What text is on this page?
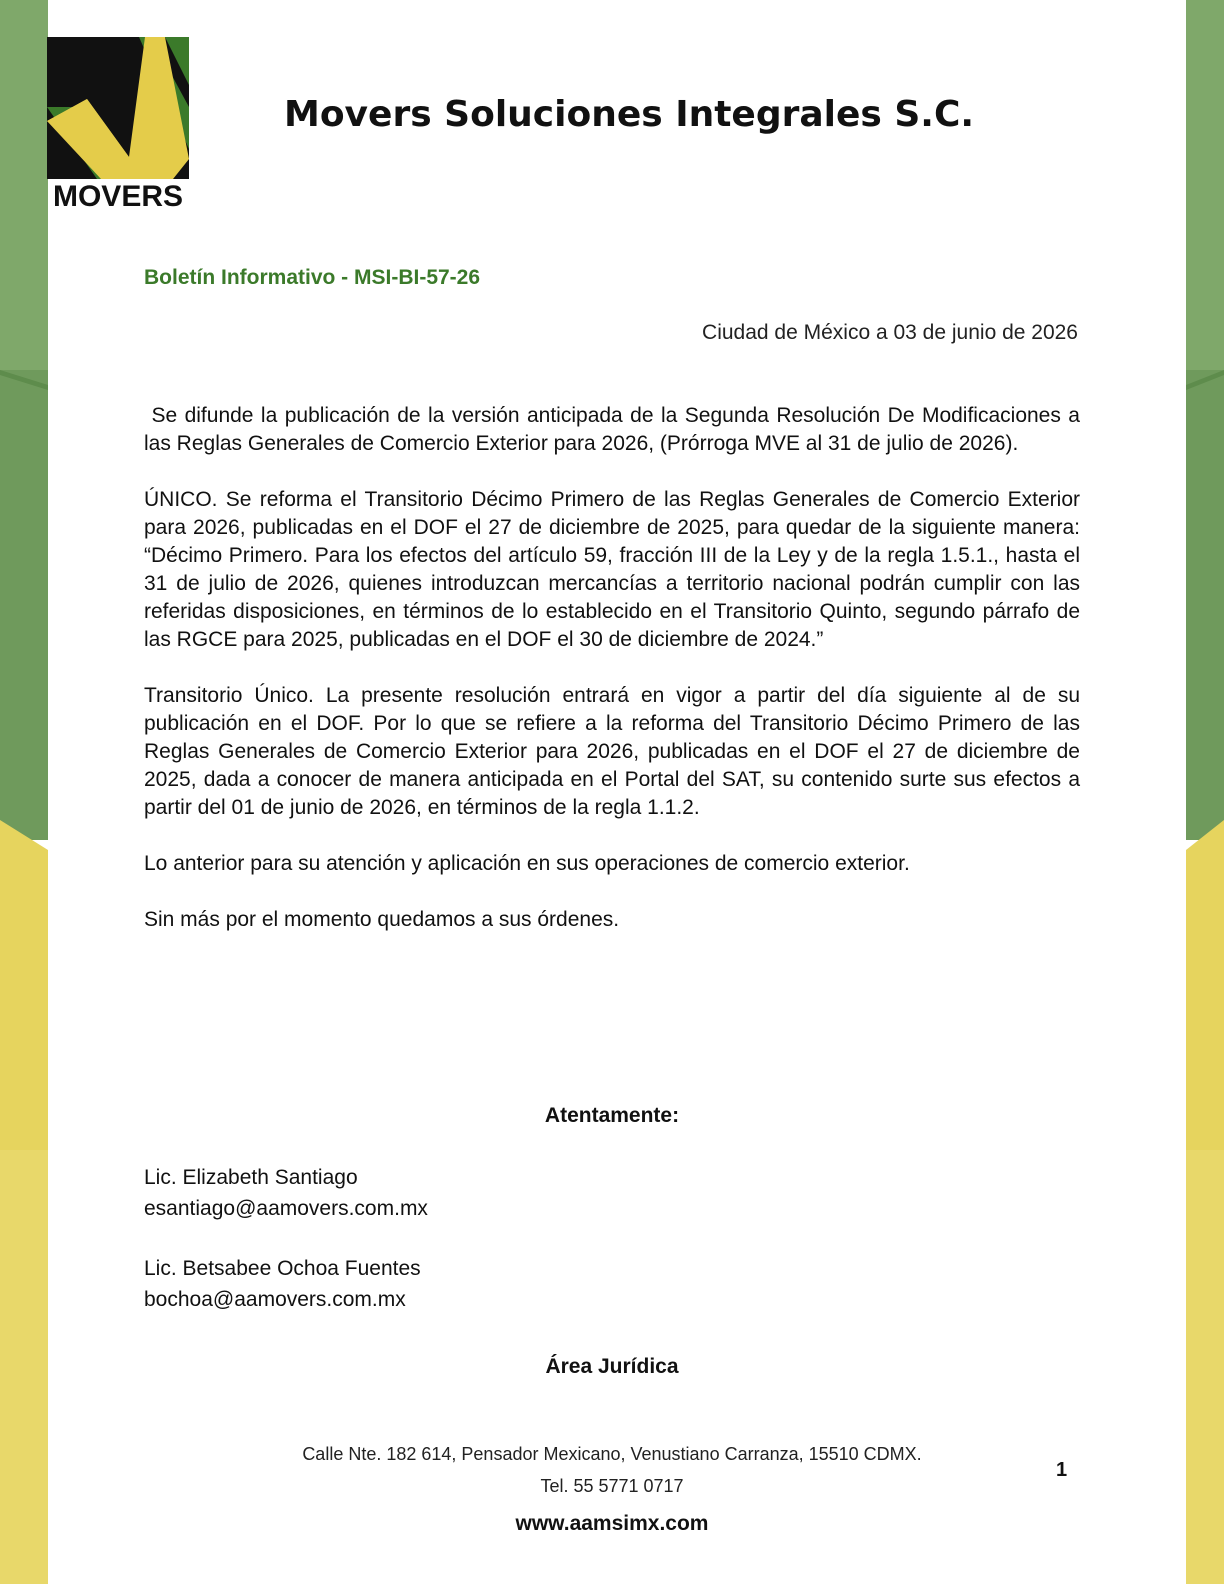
MOVERS
Movers Soluciones Integrales S.C.
Boletín Informativo - MSI-BI-57-26
Ciudad de México a 03 de junio de 2026

Se difunde la publicación de la versión anticipada de la Segunda Resolución De Modificaciones a las Reglas Generales de Comercio Exterior para 2026, (Prórroga MVE al 31 de julio de 2026).

ÚNICO. Se reforma el Transitorio Décimo Primero de las Reglas Generales de Comercio Exterior para 2026, publicadas en el DOF el 27 de diciembre de 2025, para quedar de la siguiente manera: “Décimo Primero. Para los efectos del artículo 59, fracción III de la Ley y de la regla 1.5.1., hasta el 31 de julio de 2026, quienes introduzcan mercancías a territorio nacional podrán cumplir con las referidas disposiciones, en términos de lo establecido en el Transitorio Quinto, segundo párrafo de las RGCE para 2025, publicadas en el DOF el 30 de diciembre de 2024.”

Transitorio Único. La presente resolución entrará en vigor a partir del día siguiente al de su publicación en el DOF. Por lo que se refiere a la reforma del Transitorio Décimo Primero de las Reglas Generales de Comercio Exterior para 2026, publicadas en el DOF el 27 de diciembre de 2025, dada a conocer de manera anticipada en el Portal del SAT, su contenido surte sus efectos a partir del 01 de junio de 2026, en términos de la regla 1.1.2.

Lo anterior para su atención y aplicación en sus operaciones de comercio exterior.

Sin más por el momento quedamos a sus órdenes.

Atentamente:
Lic. Elizabeth Santiago
esantiago@aamovers.com.mx
Lic. Betsabee Ochoa Fuentes
bochoa@aamovers.com.mx
Área Jurídica
Calle Nte. 182 614, Pensador Mexicano, Venustiano Carranza, 15510 CDMX.
Tel. 55 5771 0717
www.aamsimx.com
1
